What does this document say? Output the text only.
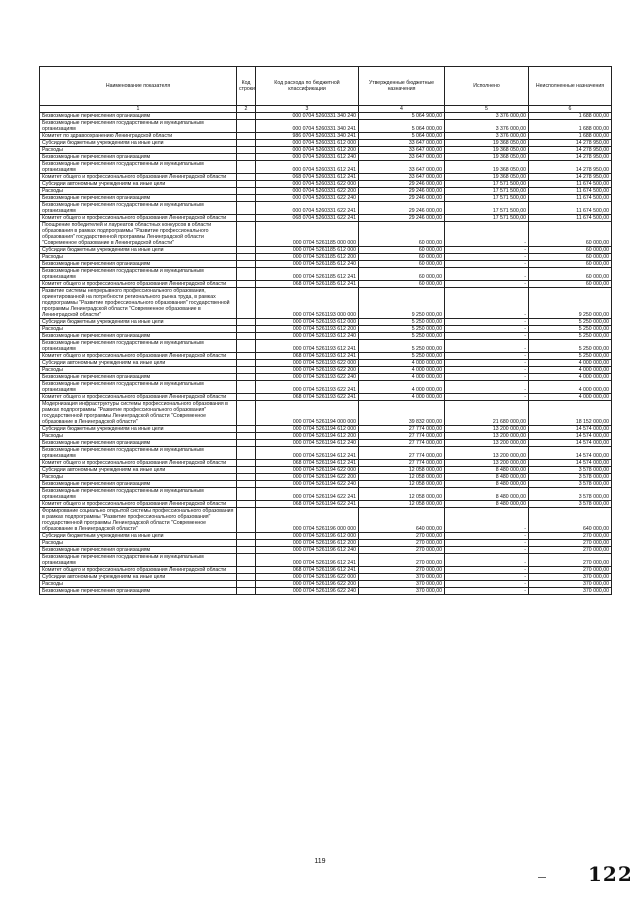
Наименование показателя	Код строки	Код расхода по бюджетной классификации	Утвержденные бюджетные назначения	Исполнено	Неисполненные назначения
1	2	3	4	5	6
Безвозмездные перечисления организациям		000 0704 5260331 340 240	5 064 900,00	3 376 000,00	1 688 000,00
Безвозмездные перечисления государственным и муниципальным организациям		000 0704 5260331 340 241	5 064 000,00	3 376 000,00	1 688 000,00
Комитет по здравоохранению Ленинградской области		986 0704 5260331 340 241	5 064 000,00	3 376 000,00	1 688 000,00
Субсидии бюджетным учреждениям на иные цели		000 0704 5260331 612 000	33 647 000,00	19 368 050,00	14 278 950,00
Расходы		000 0704 5260331 612 200	33 647 000,00	19 368 050,00	14 278 950,00
Безвозмездные перечисления организациям		000 0704 5260331 612 240	33 647 000,00	19 368 050,00	14 278 950,00
Безвозмездные перечисления государственным и муниципальным организациям		000 0704 5260331 612 241	33 647 000,00	19 368 050,00	14 278 950,00
Комитет общего и профессионального образования Ленинградской области		068 0704 5260331 612 241	33 647 000,00	19 368 050,00	14 278 950,00
Субсидии автономным учреждениям на иные цели		000 0704 5260331 622 000	29 246 000,00	17 571 500,00	11 674 500,00
Расходы		000 0704 5260331 622 200	29 246 000,00	17 571 500,00	11 674 500,00
Безвозмездные перечисления организациям		000 0704 5260331 622 240	29 246 000,00	17 571 500,00	11 674 500,00
Безвозмездные перечисления государственным и муниципальным организациям		000 0704 5260331 622 241	29 246 000,00	17 571 500,00	11 674 500,00
Комитет общего и профессионального образования Ленинградской области		068 0704 5260331 622 241	29 246 000,00	17 571 500,00	11 674 500,00
Поощрение победителей и лауреатов областных конкурсов в области образования в рамках подпрограммы "Развитие профессионального образования" государственной программы Ленинградской области "Современное образование в Ленинградской области"		000 0704 5261185 000 000	60 000,00	-	60 000,00
Субсидии бюджетным учреждениям на иные цели		000 0704 5261185 612 000	60 000,00	-	60 000,00
Расходы		000 0704 5261185 612 200	60 000,00	-	60 000,00
Безвозмездные перечисления организациям		000 0704 5261185 612 240	60 000,00	-	60 000,00
Безвозмездные перечисления государственным и муниципальным организациям		000 0704 5261185 612 241	60 000,00	-	60 000,00
Комитет общего и профессионального образования Ленинградской области		068 0704 5261185 612 241	60 000,00	-	60 000,00
Развитие системы непрерывного профессионального образования, ориентированной на потребности регионального рынка труда, в рамках подпрограммы "Развитие профессионального образования" государственной программы Ленинградской области "Современное образование в Ленинградской области"		000 0704 5261193 000 000	9 250 000,00	-	9 250 000,00
Субсидии бюджетным учреждениям на иные цели		000 0704 5261193 612 000	5 250 000,00	-	5 250 000,00
Расходы		000 0704 5261193 612 200	5 250 000,00	-	5 250 000,00
Безвозмездные перечисления организациям		000 0704 5261193 612 240	5 250 000,00	-	5 250 000,00
Безвозмездные перечисления государственным и муниципальным организациям		000 0704 5261193 612 241	5 250 000,00	-	5 250 000,00
Комитет общего и профессионального образования Ленинградской области		068 0704 5261193 612 241	5 250 000,00	-	5 250 000,00
Субсидии автономным учреждениям на иные цели		000 0704 5261193 622 000	4 000 000,00	-	4 000 000,00
Расходы		000 0704 5261193 622 200	4 000 000,00	-	4 000 000,00
Безвозмездные перечисления организациям		000 0704 5261193 622 240	4 000 000,00	-	4 000 000,00
Безвозмездные перечисления государственным и муниципальным организациям		000 0704 5261193 622 241	4 000 000,00	-	4 000 000,00
Комитет общего и профессионального образования Ленинградской области		068 0704 5261193 622 241	4 000 000,00	-	4 000 000,00
Модернизация инфраструктуры системы профессионального образования в рамках подпрограммы "Развитие профессионального образования" государственной программы Ленинградской области "Современное образование в Ленинградской области"		000 0704 5261194 000 000	39 832 000,00	21 680 000,00	18 152 000,00
Субсидии бюджетным учреждениям на иные цели		000 0704 5261194 612 000	27 774 000,00	13 200 000,00	14 574 000,00
Расходы		000 0704 5261194 612 200	27 774 000,00	13 200 000,00	14 574 000,00
Безвозмездные перечисления организациям		000 0704 5261194 612 240	27 774 000,00	13 200 000,00	14 574 000,00
Безвозмездные перечисления государственным и муниципальным организациям		000 0704 5261194 612 241	27 774 000,00	13 200 000,00	14 574 000,00
Комитет общего и профессионального образования Ленинградской области		068 0704 5261194 612 241	27 774 000,00	13 200 000,00	14 574 000,00
Субсидии автономным учреждениям на иные цели		000 0704 5261194 622 000	12 058 000,00	8 480 000,00	3 578 000,00
Расходы		000 0704 5261194 622 200	12 058 000,00	8 480 000,00	3 578 000,00
Безвозмездные перечисления организациям		000 0704 5261194 622 240	12 058 000,00	8 480 000,00	3 578 000,00
Безвозмездные перечисления государственным и муниципальным организациям		000 0704 5261194 622 241	12 058 000,00	8 480 000,00	3 578 000,00
Комитет общего и профессионального образования Ленинградской области		068 0704 5261194 622 241	12 058 000,00	8 480 000,00	3 578 000,00
Формирование социально открытой системы профессионального образования в рамках подпрограммы "Развитие профессионального образования" государственной программы Ленинградской области "Современное образование в Ленинградской области"		000 0704 5261196 000 000	640 000,00	-	640 000,00
Субсидии бюджетным учреждениям на иные цели		000 0704 5261196 612 000	270 000,00	-	270 000,00
Расходы		000 0704 5261196 612 200	270 000,00	-	270 000,00
Безвозмездные перечисления организациям		000 0704 5261196 612 240	270 000,00	-	270 000,00
Безвозмездные перечисления государственным и муниципальным организациям		000 0704 5261196 612 241	270 000,00	-	270 000,00
Комитет общего и профессионального образования Ленинградской области		068 0704 5261196 612 241	270 000,00	-	270 000,00
Субсидии автономным учреждениям на иные цели		000 0704 5261196 622 000	370 000,00	-	370 000,00
Расходы		000 0704 5261196 622 200	370 000,00	-	370 000,00
Безвозмездные перечисления организациям		000 0704 5261196 622 240	370 000,00	-	370 000,00
119
122
